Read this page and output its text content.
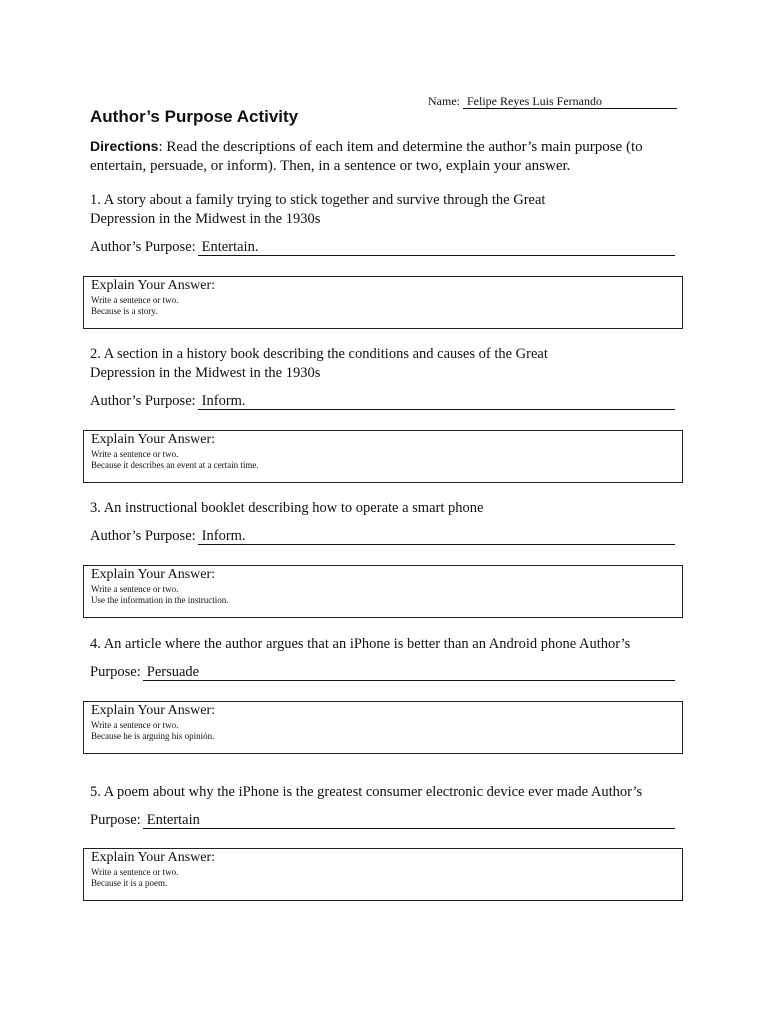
Name: Felipe Reyes Luis Fernando
Author’s Purpose Activity
Directions: Read the descriptions of each item and determine the author’s main purpose (to entertain, persuade, or inform). Then, in a sentence or two, explain your answer.
1. A story about a family trying to stick together and survive through the Great
Depression in the Midwest in the 1930s
Author’s Purpose: Entertain.
Explain Your Answer:
Write a sentence or two.
Because is a story.
2. A section in a history book describing the conditions and causes of the Great
Depression in the Midwest in the 1930s
Author’s Purpose: Inform.
Explain Your Answer:
Write a sentence or two.
Because it describes an event at a certain time.
3. An instructional booklet describing how to operate a smart phone
Author’s Purpose: Inform.
Explain Your Answer:
Write a sentence or two.
Use the information in the instruction.
4. An article where the author argues that an iPhone is better than an Android phone Author’s
Purpose: Persuade
Explain Your Answer:
Write a sentence or two.
Because he is arguing his opinión.
5. A poem about why the iPhone is the greatest consumer electronic device ever made Author’s
Purpose: Entertain
Explain Your Answer:
Write a sentence or two.
Because it is a poem.
